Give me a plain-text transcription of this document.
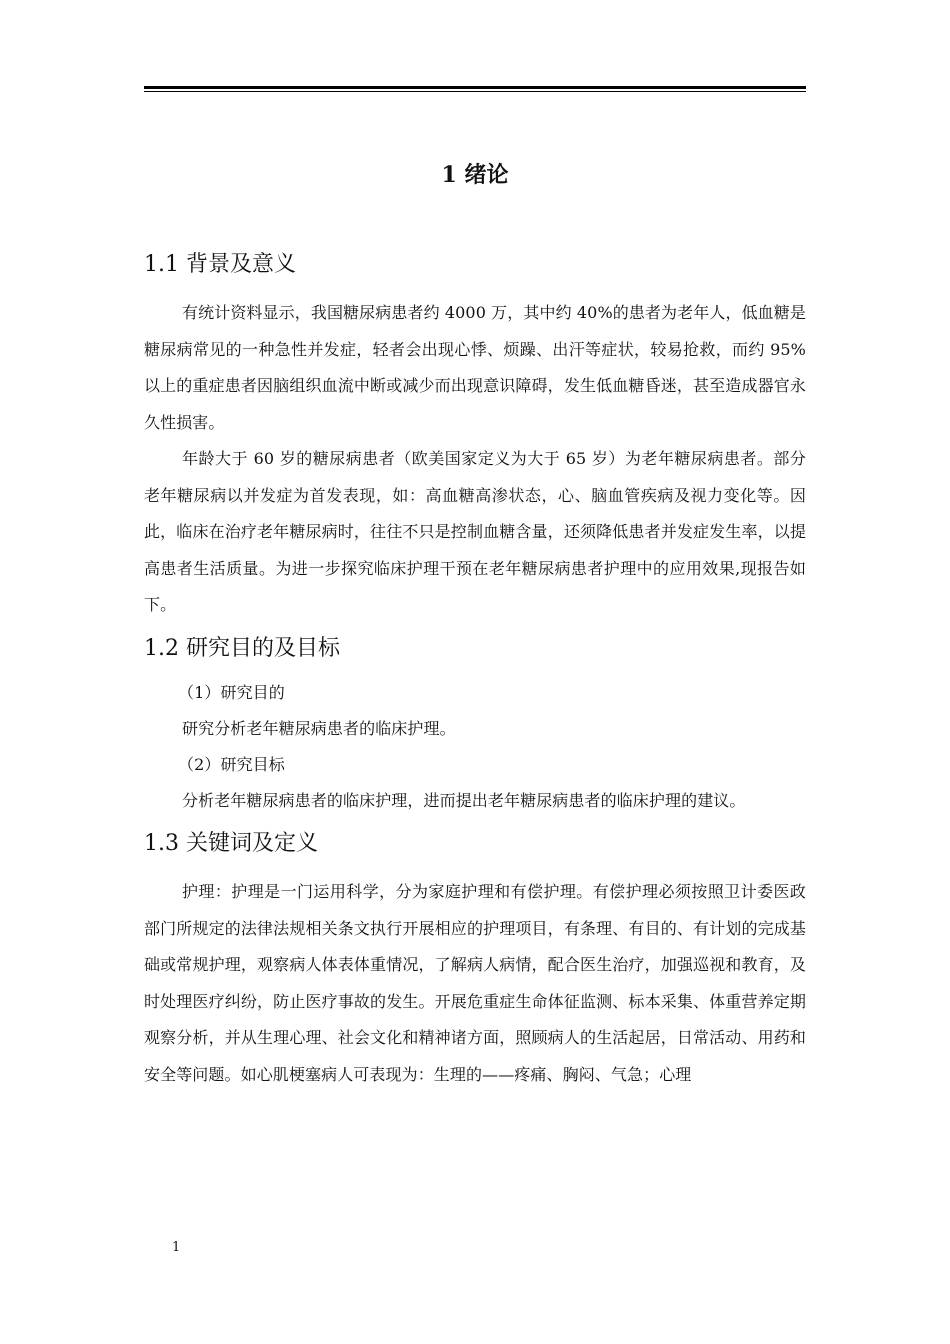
1 绪论
1.1 背景及意义

有统计资料显示，我国糖尿病患者约 4000 万，其中约 40%的患者为老年人，低血糖是糖尿病常见的一种急性并发症，轻者会出现心悸、烦躁、出汗等症状，较易抢救，而约 95%以上的重症患者因脑组织血流中断或减少而出现意识障碍，发生低血糖昏迷，甚至造成器官永久性损害。

年龄大于 60 岁的糖尿病患者（欧美国家定义为大于 65 岁）为老年糖尿病患者。部分老年糖尿病以并发症为首发表现，如：高血糖高渗状态，心、脑血管疾病及视力变化等。因此，临床在治疗老年糖尿病时，往往不只是控制血糖含量，还须降低患者并发症发生率，以提高患者生活质量。为进一步探究临床护理干预在老年糖尿病患者护理中的应用效果,现报告如下。

1.2 研究目的及目标

（1）研究目的

研究分析老年糖尿病患者的临床护理。

（2）研究目标

分析老年糖尿病患者的临床护理，进而提出老年糖尿病患者的临床护理的建议。

1.3 关键词及定义

护理：护理是一门运用科学，分为家庭护理和有偿护理。有偿护理必须按照卫计委医政部门所规定的法律法规相关条文执行开展相应的护理项目，有条理、有目的、有计划的完成基础或常规护理，观察病人体表体重情况，了解病人病情，配合医生治疗，加强巡视和教育，及时处理医疗纠纷，防止医疗事故的发生。开展危重症生命体征监测、标本采集、体重营养定期观察分析，并从生理心理、社会文化和精神诸方面，照顾病人的生活起居，日常活动、用药和安全等问题。如心肌梗塞病人可表现为：生理的——疼痛、胸闷、气急；心理

1
